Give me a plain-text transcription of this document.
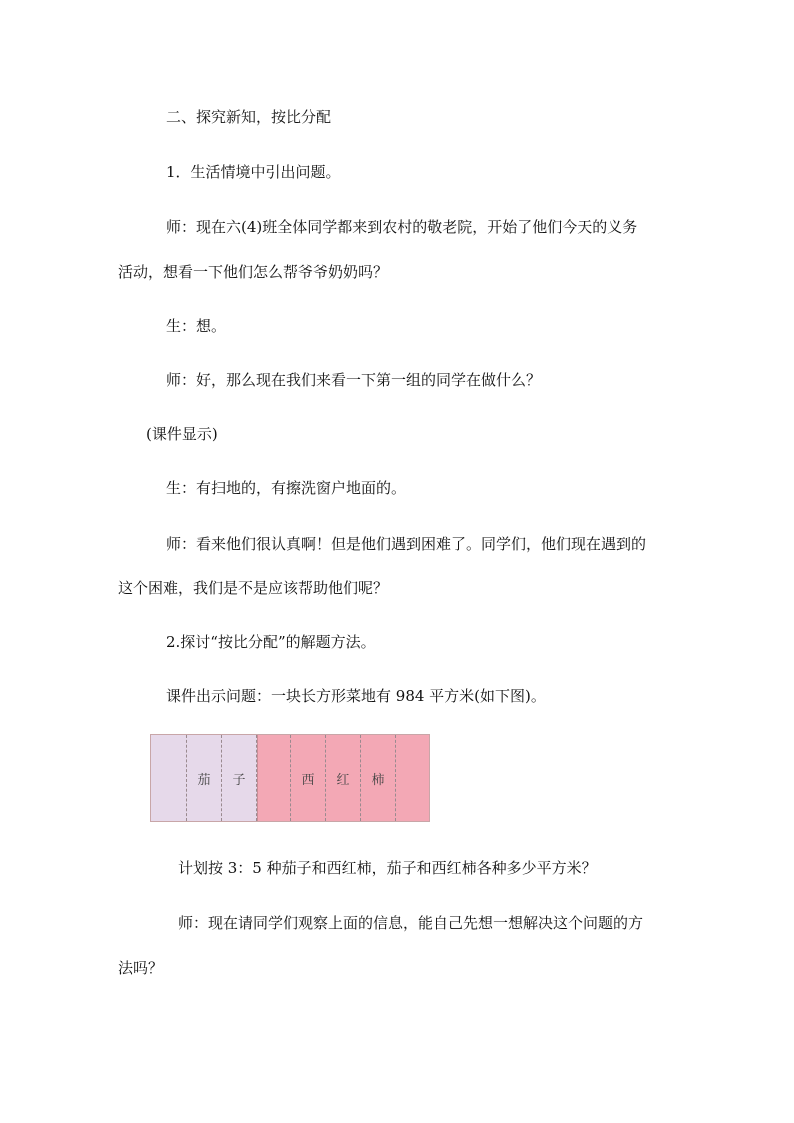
二、探究新知，按比分配
1．生活情境中引出问题。
师：现在六(4)班全体同学都来到农村的敬老院，开始了他们今天的义务
活动，想看一下他们怎么帮爷爷奶奶吗？
生：想。
师：好，那么现在我们来看一下第一组的同学在做什么？
(课件显示)
生：有扫地的，有擦洗窗户地面的。
师：看来他们很认真啊！但是他们遇到困难了。同学们，他们现在遇到的
这个困难，我们是不是应该帮助他们呢？
2.探讨“按比分配”的解题方法。
课件出示问题：一块长方形菜地有 984 平方米(如下图)。
茄	子	西	红	柿
计划按 3：5 种茄子和西红柿，茄子和西红柿各种多少平方米？
师：现在请同学们观察上面的信息，能自己先想一想解决这个问题的方
法吗？
